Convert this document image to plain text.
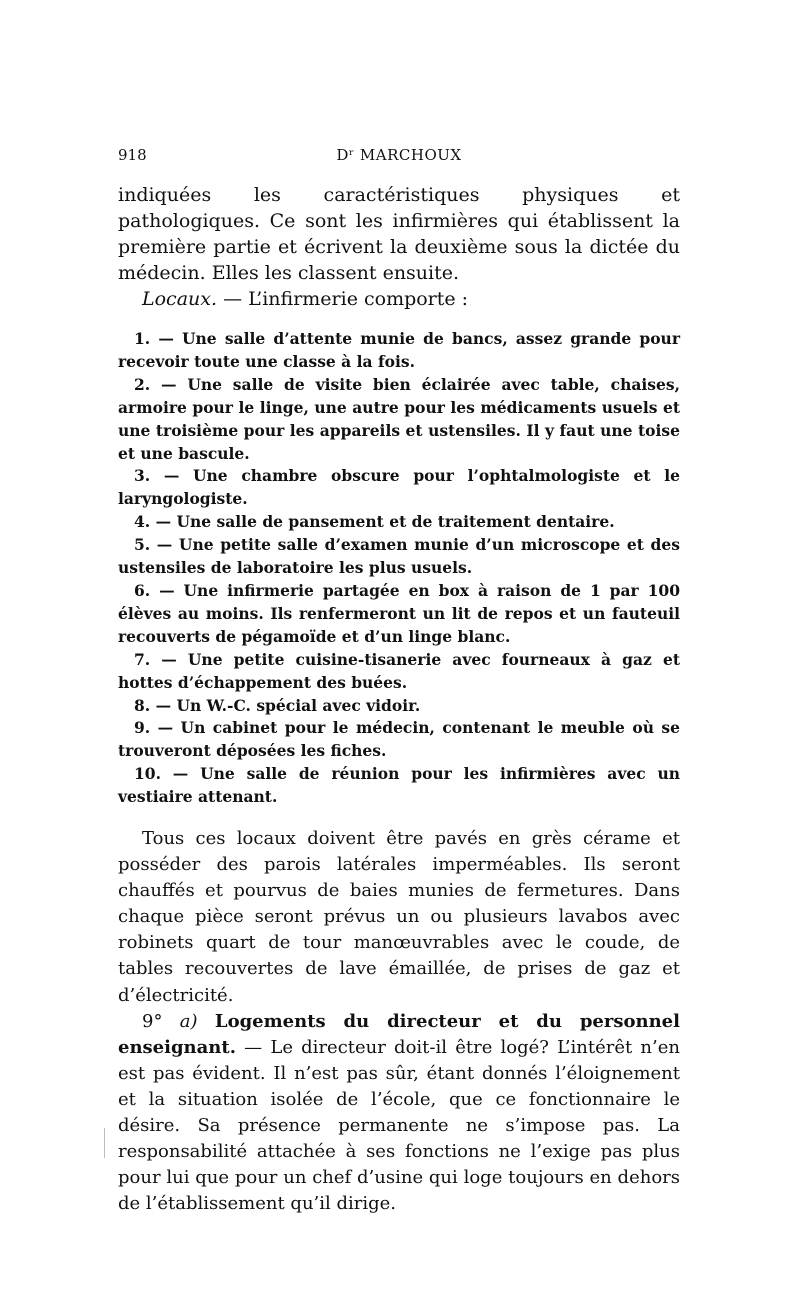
918	Dʳ MARCHOUX

indiquées les caractéristiques physiques et pathologiques. Ce sont les infirmières qui établissent la première partie et écrivent la deuxième sous la dictée du médecin. Elles les classent ensuite.

Locaux. — L’infirmerie comporte :

1. — Une salle d’attente munie de bancs, assez grande pour recevoir toute une classe à la fois.

2. — Une salle de visite bien éclairée avec table, chaises, armoire pour le linge, une autre pour les médicaments usuels et une troisième pour les appareils et ustensiles. Il y faut une toise et une bascule.

3. — Une chambre obscure pour l’ophtalmologiste et le laryngologiste.

4. — Une salle de pansement et de traitement dentaire.

5. — Une petite salle d’examen munie d’un microscope et des ustensiles de laboratoire les plus usuels.

6. — Une infirmerie partagée en box à raison de 1 par 100 élèves au moins. Ils renfermeront un lit de repos et un fauteuil recouverts de pégamoïde et d’un linge blanc.

7. — Une petite cuisine-tisanerie avec fourneaux à gaz et hottes d’échappement des buées.

8. — Un W.-C. spécial avec vidoir.

9. — Un cabinet pour le médecin, contenant le meuble où se trouveront déposées les fiches.

10. — Une salle de réunion pour les infirmières avec un vestiaire attenant.

Tous ces locaux doivent être pavés en grès cérame et posséder des parois latérales imperméables. Ils seront chauffés et pourvus de baies munies de fermetures. Dans chaque pièce seront prévus un ou plusieurs lavabos avec robinets quart de tour manœuvrables avec le coude, de tables recouvertes de lave émaillée, de prises de gaz et d’électricité.

9° a) Logements du directeur et du personnel enseignant. — Le directeur doit-il être logé? L’intérêt n’en est pas évident. Il n’est pas sûr, étant donnés l’éloignement et la situation isolée de l’école, que ce fonctionnaire le désire. Sa présence permanente ne s’impose pas. La responsabilité attachée à ses fonctions ne l’exige pas plus pour lui que pour un chef d’usine qui loge toujours en dehors de l’établissement qu’il dirige.
